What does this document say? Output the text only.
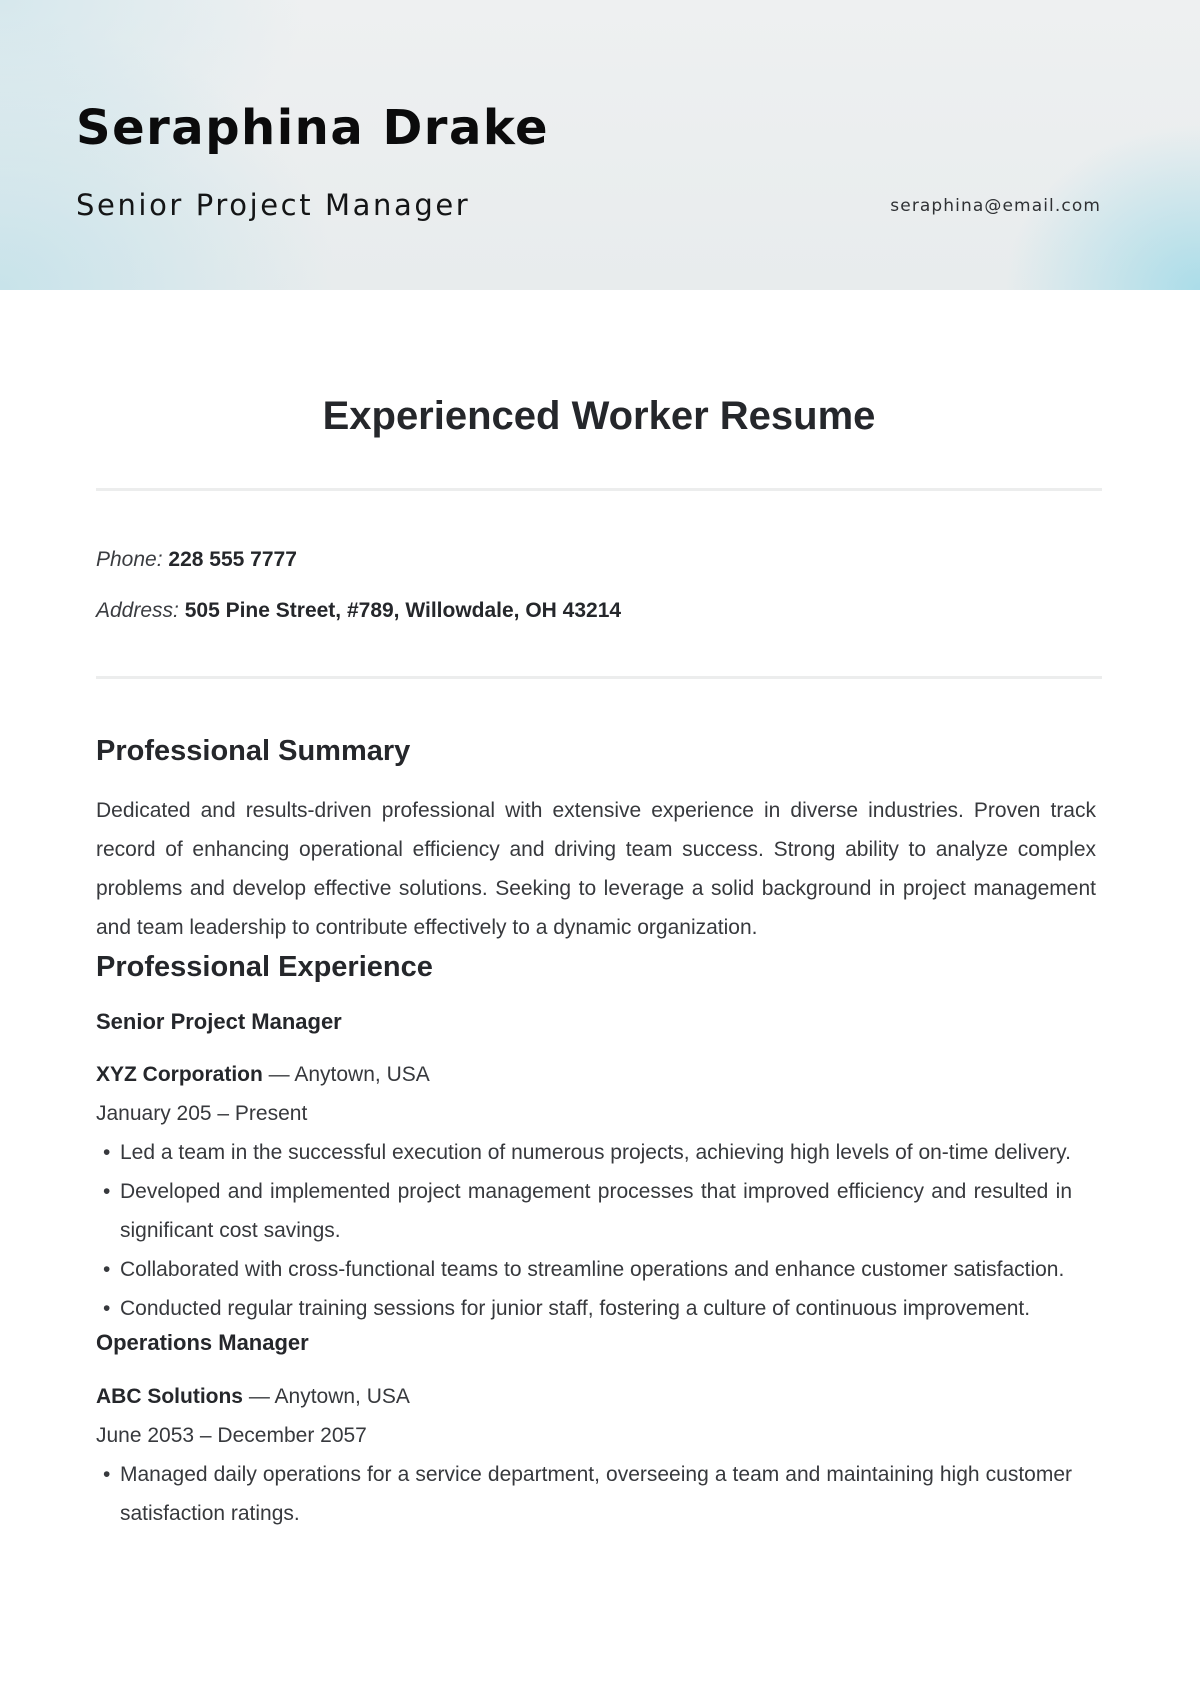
Seraphina Drake
Senior Project Manager	seraphina@email.com
Experienced Worker Resume
Phone: 228 555 7777
Address: 505 Pine Street, #789, Willowdale, OH 43214
Professional Summary

Dedicated and results-driven professional with extensive experience in diverse industries. Proven track record of enhancing operational efficiency and driving team success. Strong ability to analyze complex problems and develop effective solutions. Seeking to leverage a solid background in project management and team leadership to contribute effectively to a dynamic organization.

Professional Experience
Senior Project Manager
XYZ Corporation — Anytown, USA
January 205 – Present
• Led a team in the successful execution of numerous projects, achieving high levels of on-time delivery.
• Developed and implemented project management processes that improved efficiency and resulted in significant cost savings.
• Collaborated with cross-functional teams to streamline operations and enhance customer satisfaction.
• Conducted regular training sessions for junior staff, fostering a culture of continuous improvement.
Operations Manager
ABC Solutions — Anytown, USA
June 2053 – December 2057
• Managed daily operations for a service department, overseeing a team and maintaining high customer satisfaction ratings.
